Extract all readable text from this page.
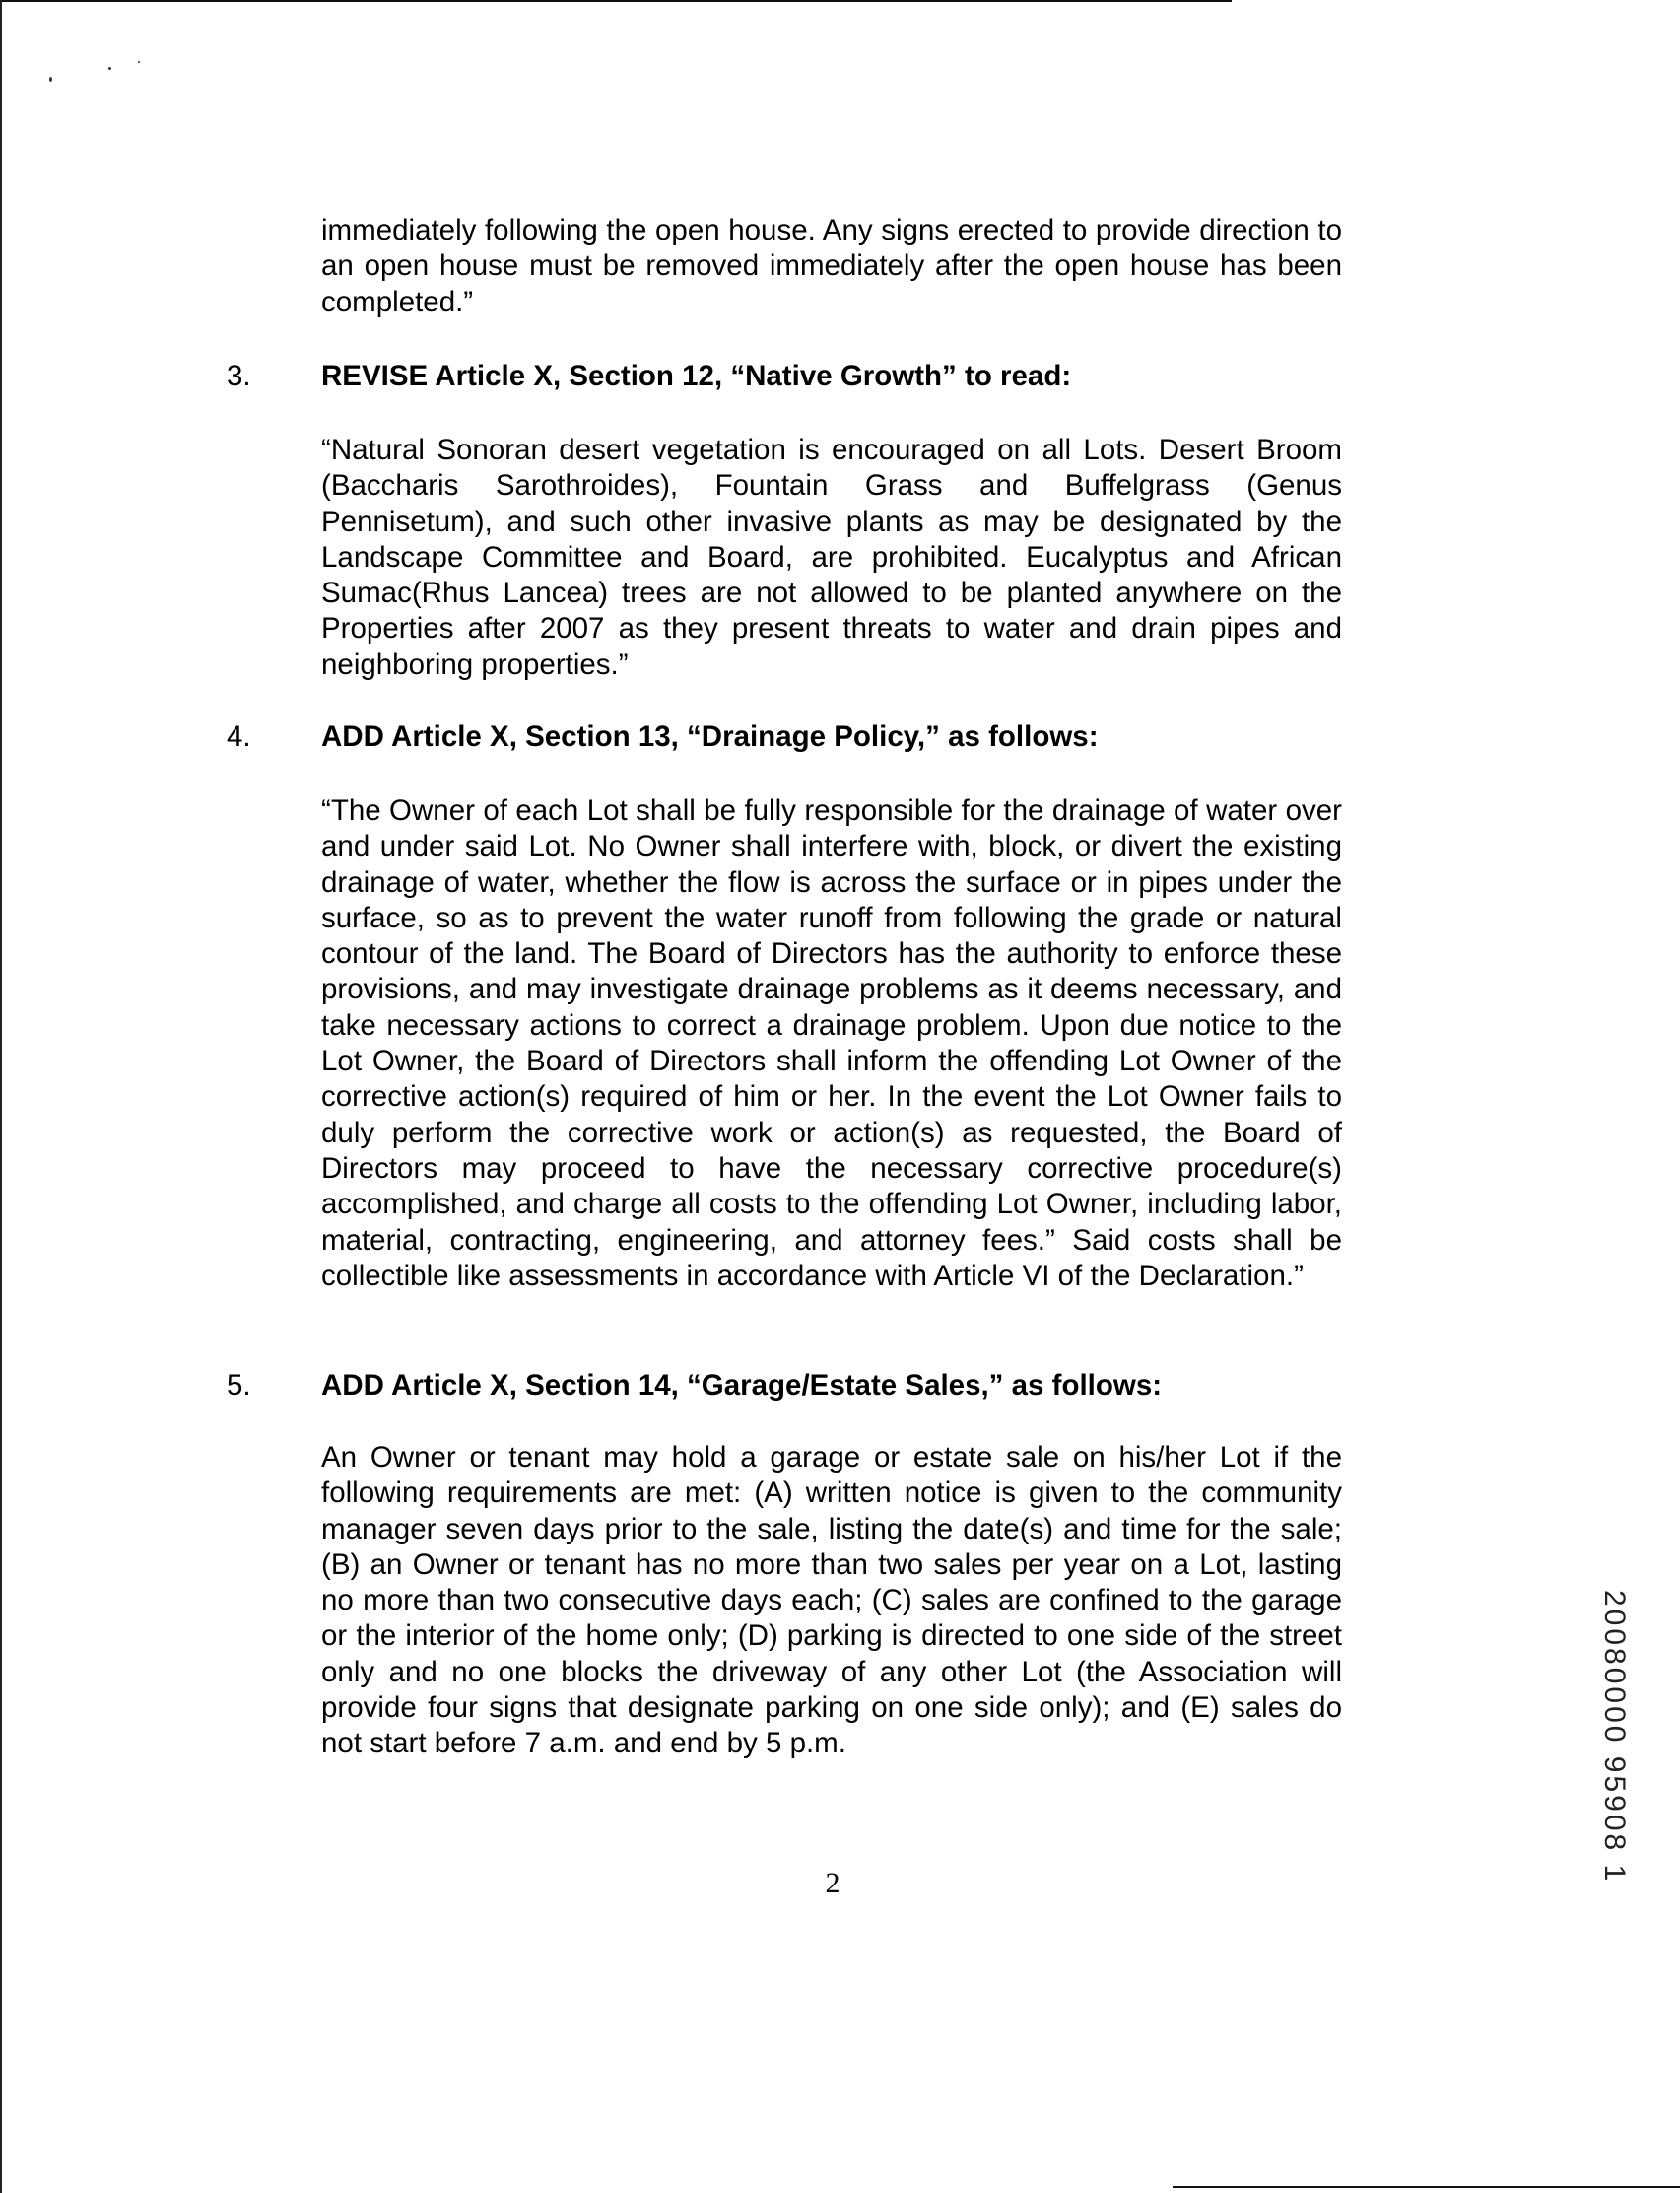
immediately following the open house. Any signs erected to provide direction to an open house must be removed immediately after the open house has been completed.”

3. REVISE Article X, Section 12, “Native Growth” to read:

“Natural Sonoran desert vegetation is encouraged on all Lots. Desert Broom (Baccharis Sarothroides), Fountain Grass and Buffelgrass (Genus Pennisetum), and such other invasive plants as may be designated by the Landscape Committee and Board, are prohibited. Eucalyptus and African Sumac(Rhus Lancea) trees are not allowed to be planted anywhere on the Properties after 2007 as they present threats to water and drain pipes and neighboring properties.”

4. ADD Article X, Section 13, “Drainage Policy,” as follows:

“The Owner of each Lot shall be fully responsible for the drainage of water over and under said Lot. No Owner shall interfere with, block, or divert the existing drainage of water, whether the flow is across the surface or in pipes under the surface, so as to prevent the water runoff from following the grade or natural contour of the land. The Board of Directors has the authority to enforce these provisions, and may investigate drainage problems as it deems necessary, and take necessary actions to correct a drainage problem. Upon due notice to the Lot Owner, the Board of Directors shall inform the offending Lot Owner of the corrective action(s) required of him or her. In the event the Lot Owner fails to duly perform the corrective work or action(s) as requested, the Board of Directors may proceed to have the necessary corrective procedure(s) accomplished, and charge all costs to the offending Lot Owner, including labor, material, contracting, engineering, and attorney fees.” Said costs shall be collectible like assessments in accordance with Article VI of the Declaration.”

5. ADD Article X, Section 14, “Garage/Estate Sales,” as follows:

An Owner or tenant may hold a garage or estate sale on his/her Lot if the following requirements are met: (A) written notice is given to the community manager seven days prior to the sale, listing the date(s) and time for the sale; (B) an Owner or tenant has no more than two sales per year on a Lot, lasting no more than two consecutive days each; (C) sales are confined to the garage or the interior of the home only; (D) parking is directed to one side of the street only and no one blocks the driveway of any other Lot (the Association will provide four signs that designate parking on one side only); and (E) sales do not start before 7 a.m. and end by 5 p.m.

2	20080000 95908 1
